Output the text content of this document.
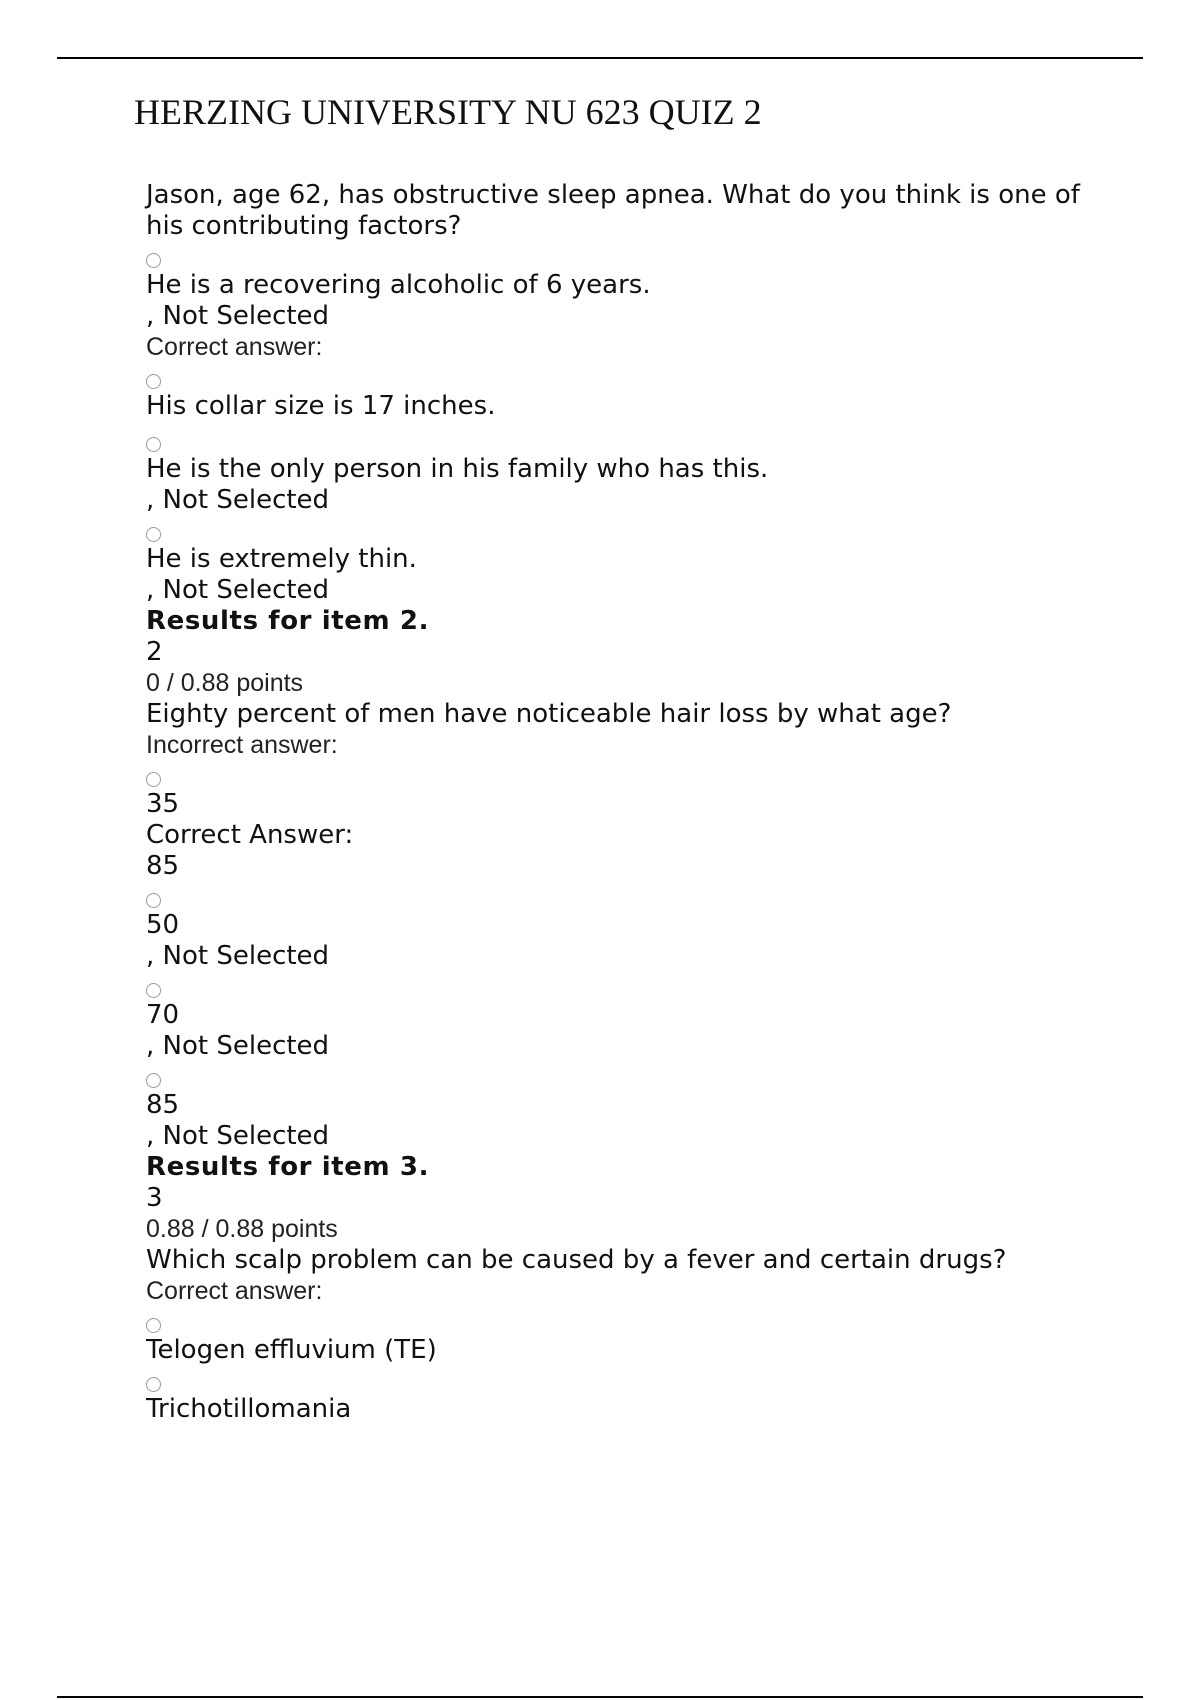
HERZING UNIVERSITY NU 623 QUIZ 2
Jason, age 62, has obstructive sleep apnea. What do you think is one of his contributing factors?
He is a recovering alcoholic of 6 years.
, Not Selected
Correct answer:
His collar size is 17 inches.
He is the only person in his family who has this.
, Not Selected
He is extremely thin.
, Not Selected
Results for item 2.
2
0 / 0.88 points
Eighty percent of men have noticeable hair loss by what age?
Incorrect answer:
35
Correct Answer:
85
50
, Not Selected
70
, Not Selected
85
, Not Selected
Results for item 3.
3
0.88 / 0.88 points
Which scalp problem can be caused by a fever and certain drugs?
Correct answer:
Telogen effluvium (TE)
Trichotillomania
